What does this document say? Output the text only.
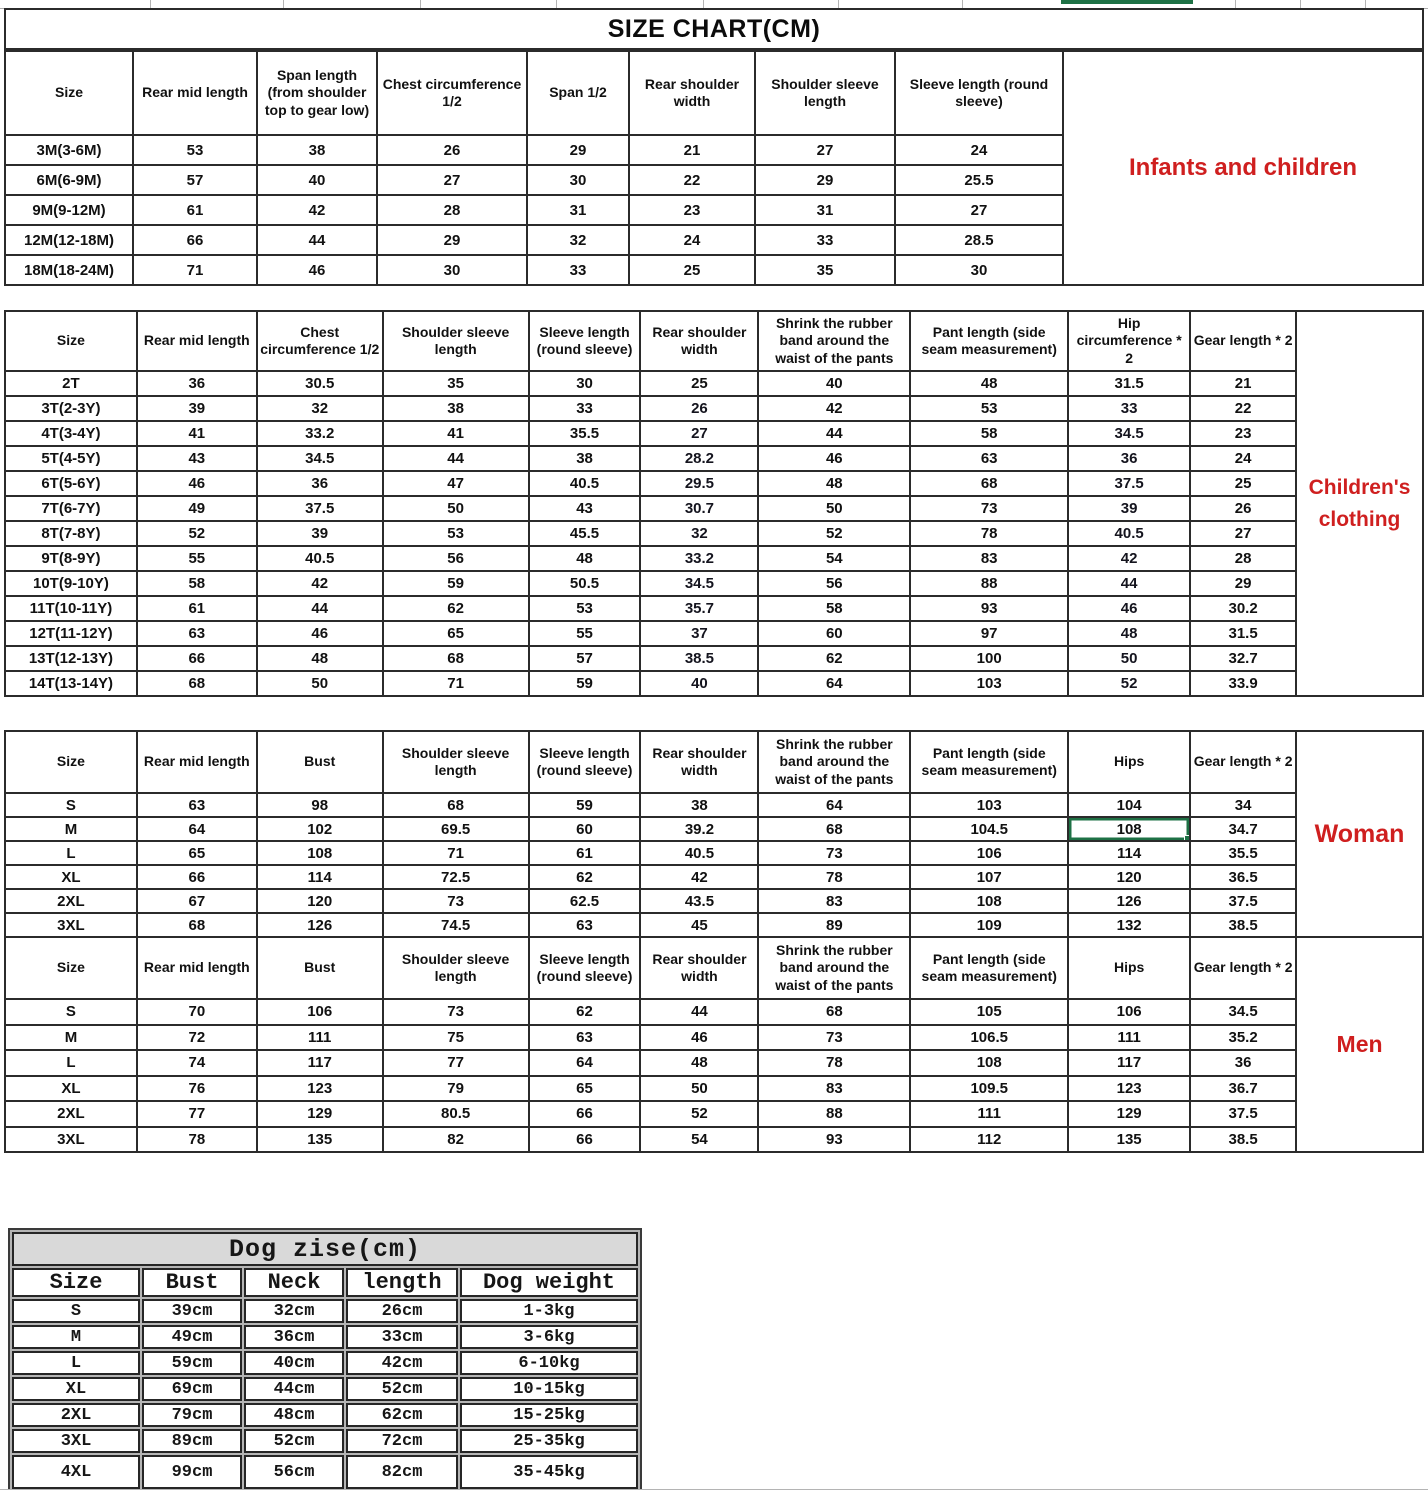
SIZE CHART(CM)
Size	Rear mid length	Span length (from shoulder top to gear low)	Chest circumference 1/2	Span 1/2	Rear shoulder width	Shoulder sleeve length	Sleeve length (round sleeve)
3M(3-6M)	53	38	26	29	21	27	24
6M(6-9M)	57	40	27	30	22	29	25.5
9M(9-12M)	61	42	28	31	23	31	27
12M(12-18M)	66	44	29	32	24	33	28.5
18M(18-24M)	71	46	30	33	25	35	30
Infants and children
Size	Rear mid length	Chest circumference 1/2	Shoulder sleeve length	Sleeve length (round sleeve)	Rear shoulder width	Shrink the rubber band around the waist of the pants	Pant length (side seam measurement)	Hip circumference * 2	Gear length * 2
2T	36	30.5	35	30	25	40	48	31.5	21
3T(2-3Y)	39	32	38	33	26	42	53	33	22
4T(3-4Y)	41	33.2	41	35.5	27	44	58	34.5	23
5T(4-5Y)	43	34.5	44	38	28.2	46	63	36	24
6T(5-6Y)	46	36	47	40.5	29.5	48	68	37.5	25
7T(6-7Y)	49	37.5	50	43	30.7	50	73	39	26
8T(7-8Y)	52	39	53	45.5	32	52	78	40.5	27
9T(8-9Y)	55	40.5	56	48	33.2	54	83	42	28
10T(9-10Y)	58	42	59	50.5	34.5	56	88	44	29
11T(10-11Y)	61	44	62	53	35.7	58	93	46	30.2
12T(11-12Y)	63	46	65	55	37	60	97	48	31.5
13T(12-13Y)	66	48	68	57	38.5	62	100	50	32.7
14T(13-14Y)	68	50	71	59	40	64	103	52	33.9
Children's clothing
Size	Rear mid length	Bust	Shoulder sleeve length	Sleeve length (round sleeve)	Rear shoulder width	Shrink the rubber band around the waist of the pants	Pant length (side seam measurement)	Hips	Gear length * 2
S	63	98	68	59	38	64	103	104	34
M	64	102	69.5	60	39.2	68	104.5	108	34.7
L	65	108	71	61	40.5	73	106	114	35.5
XL	66	114	72.5	62	42	78	107	120	36.5
2XL	67	120	73	62.5	43.5	83	108	126	37.5
3XL	68	126	74.5	63	45	89	109	132	38.5
Woman
Size	Rear mid length	Bust	Shoulder sleeve length	Sleeve length (round sleeve)	Rear shoulder width	Shrink the rubber band around the waist of the pants	Pant length (side seam measurement)	Hips	Gear length * 2
S	70	106	73	62	44	68	105	106	34.5
M	72	111	75	63	46	73	106.5	111	35.2
L	74	117	77	64	48	78	108	117	36
XL	76	123	79	65	50	83	109.5	123	36.7
2XL	77	129	80.5	66	52	88	111	129	37.5
3XL	78	135	82	66	54	93	112	135	38.5
Men
Dog zise(cm)				
Size	Bust	Neck	length	Dog weight
S	39cm	32cm	26cm	1-3kg
M	49cm	36cm	33cm	3-6kg
L	59cm	40cm	42cm	6-10kg
XL	69cm	44cm	52cm	10-15kg
2XL	79cm	48cm	62cm	15-25kg
3XL	89cm	52cm	72cm	25-35kg
4XL	99cm	56cm	82cm	35-45kg
